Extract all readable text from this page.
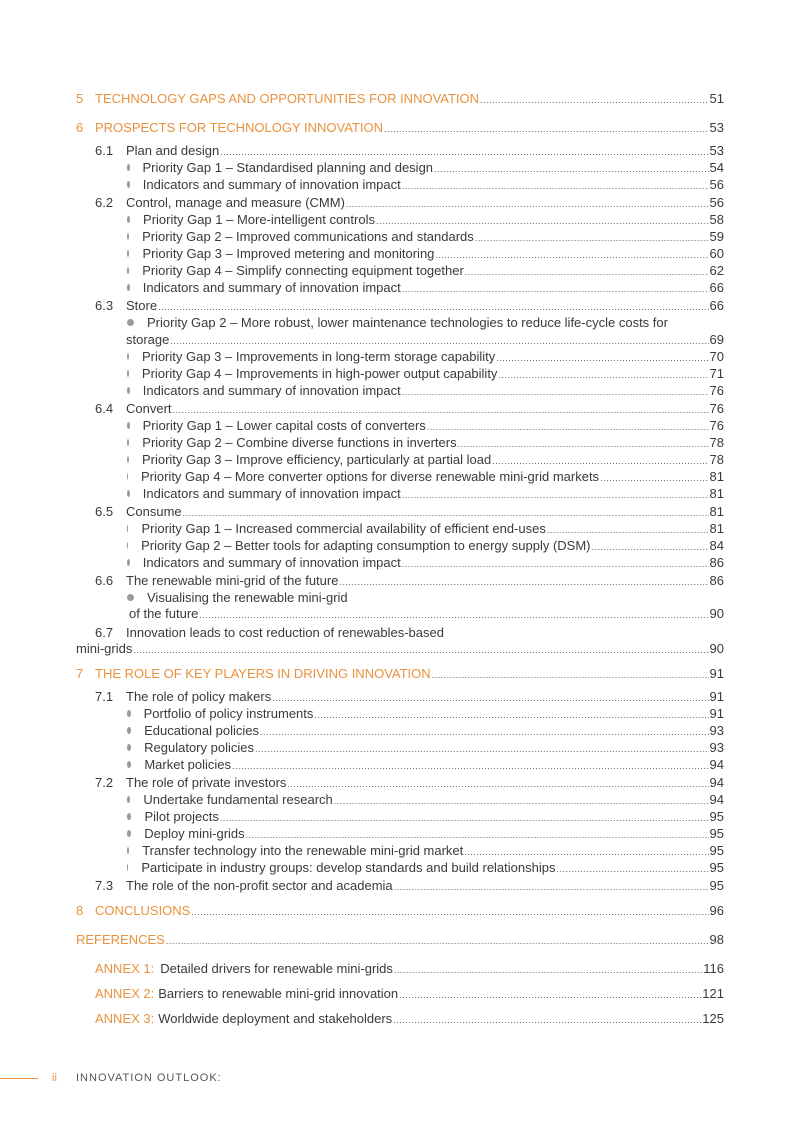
5 TECHNOLOGY GAPS AND OPPORTUNITIES FOR INNOVATION .....	51
6 PROSPECTS FOR TECHNOLOGY INNOVATION .....	53
6.1 Plan and design .....	53
Priority Gap 1 – Standardised planning and design .....	54
Indicators and summary of innovation impact .....	56
6.2 Control, manage and measure (CMM) .....	56
Priority Gap 1 – More-intelligent controls .....	58
Priority Gap 2 – Improved communications and standards .....	59
Priority Gap 3 – Improved metering and monitoring .....	60
Priority Gap 4 – Simplify connecting equipment together .....	62
Indicators and summary of innovation impact .....	66
6.3 Store .....	66
Priority Gap 2 – More robust, lower maintenance technologies to reduce life-cycle costs for
storage .....	69
Priority Gap 3 – Improvements in long-term storage capability .....	70
Priority Gap 4 – Improvements in high-power output capability .....	71
Indicators and summary of innovation impact .....	76
6.4 Convert .....	76
Priority Gap 1 – Lower capital costs of converters .....	76
Priority Gap 2 – Combine diverse functions in inverters .....	78
Priority Gap 3 – Improve efficiency, particularly at partial load .....	78
Priority Gap 4 – More converter options for diverse renewable mini-grid markets .....	81
Indicators and summary of innovation impact .....	81
6.5 Consume .....	81
Priority Gap 1 – Increased commercial availability of efficient end-uses .....	81
Priority Gap 2 – Better tools for adapting consumption to energy supply (DSM) .....	84
Indicators and summary of innovation impact .....	86
6.6 The renewable mini-grid of the future .....	86
Visualising the renewable mini-grid
of the future .....	90
6.7 Innovation leads to cost reduction of renewables-based
mini-grids .....	90
7 THE ROLE OF KEY PLAYERS IN DRIVING INNOVATION .....	91
7.1 The role of policy makers .....	91
Portfolio of policy instruments .....	91
Educational policies .....	93
Regulatory policies .....	93
Market policies .....	94
7.2 The role of private investors .....	94
Undertake fundamental research .....	94
Pilot projects .....	95
Deploy mini-grids .....	95
Transfer technology into the renewable mini-grid market .....	95
Participate in industry groups: develop standards and build relationships .....	95
7.3 The role of the non-profit sector and academia .....	95
8 CONCLUSIONS .....	96
REFERENCES .....	98
ANNEX 1: Detailed drivers for renewable mini-grids .....	116
ANNEX 2: Barriers to renewable mini-grid innovation .....	121
ANNEX 3: Worldwide deployment and stakeholders .....	125
ii INNOVATION OUTLOOK:
